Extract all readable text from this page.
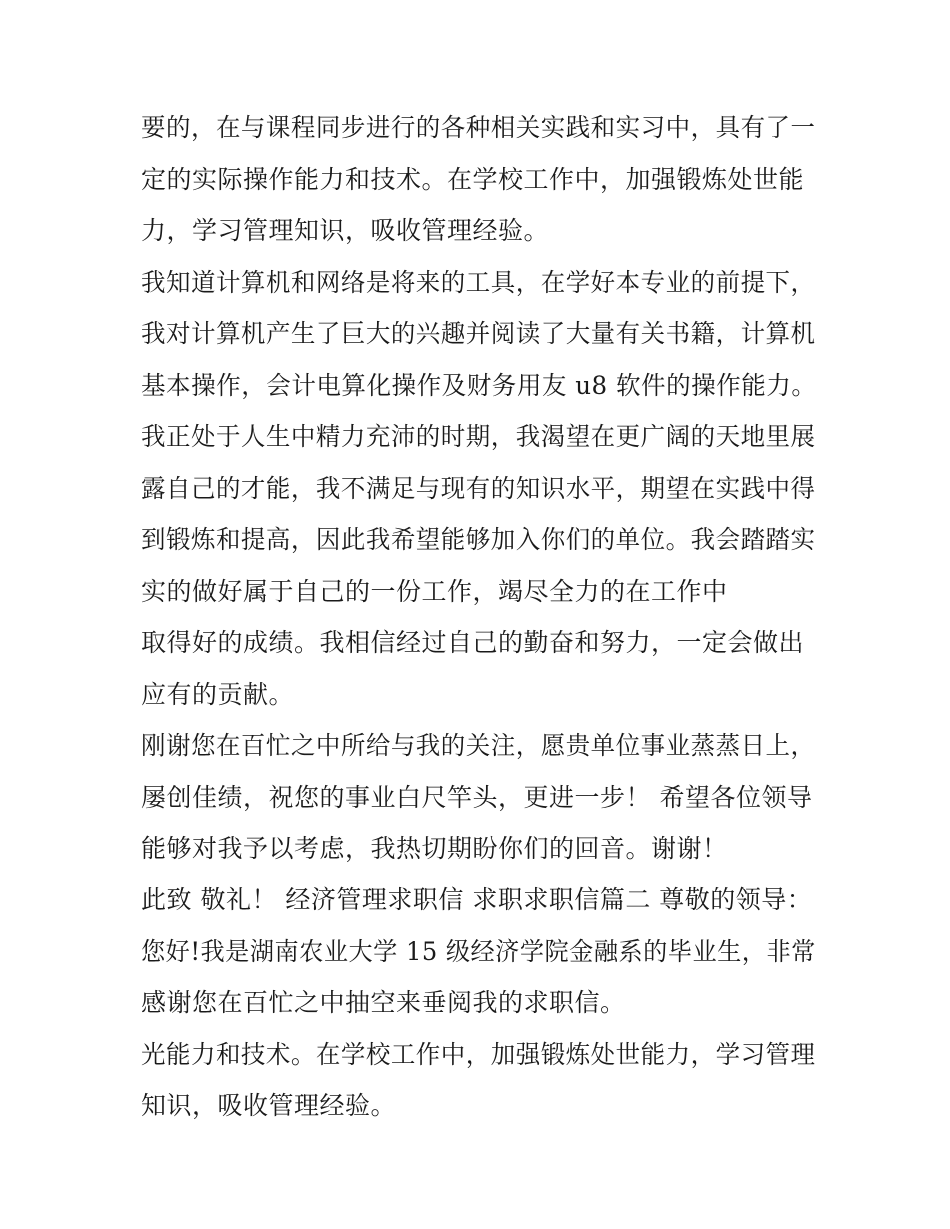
要的，在与课程同步进行的各种相关实践和实习中，具有了一
定的实际操作能力和技术。在学校工作中，加强锻炼处世能
力，学习管理知识，吸收管理经验。
我知道计算机和网络是将来的工具，在学好本专业的前提下，
我对计算机产生了巨大的兴趣并阅读了大量有关书籍，计算机
基本操作，会计电算化操作及财务用友 u8 软件的操作能力。
我正处于人生中精力充沛的时期，我渴望在更广阔的天地里展
露自己的才能，我不满足与现有的知识水平，期望在实践中得
到锻炼和提高，因此我希望能够加入你们的单位。我会踏踏实
实的做好属于自己的一份工作，竭尽全力的在工作中
取得好的成绩。我相信经过自己的勤奋和努力，一定会做出
应有的贡献。
刚谢您在百忙之中所给与我的关注，愿贵单位事业蒸蒸日上，
屡创佳绩，祝您的事业白尺竿头，更进一步！ 希望各位领导
能够对我予以考虑，我热切期盼你们的回音。谢谢！
此致 敬礼！ 经济管理求职信 求职求职信篇二 尊敬的领导：
您好!我是湖南农业大学 15 级经济学院金融系的毕业生，非常
感谢您在百忙之中抽空来垂阅我的求职信。
光能力和技术。在学校工作中，加强锻炼处世能力，学习管理
知识，吸收管理经验。
